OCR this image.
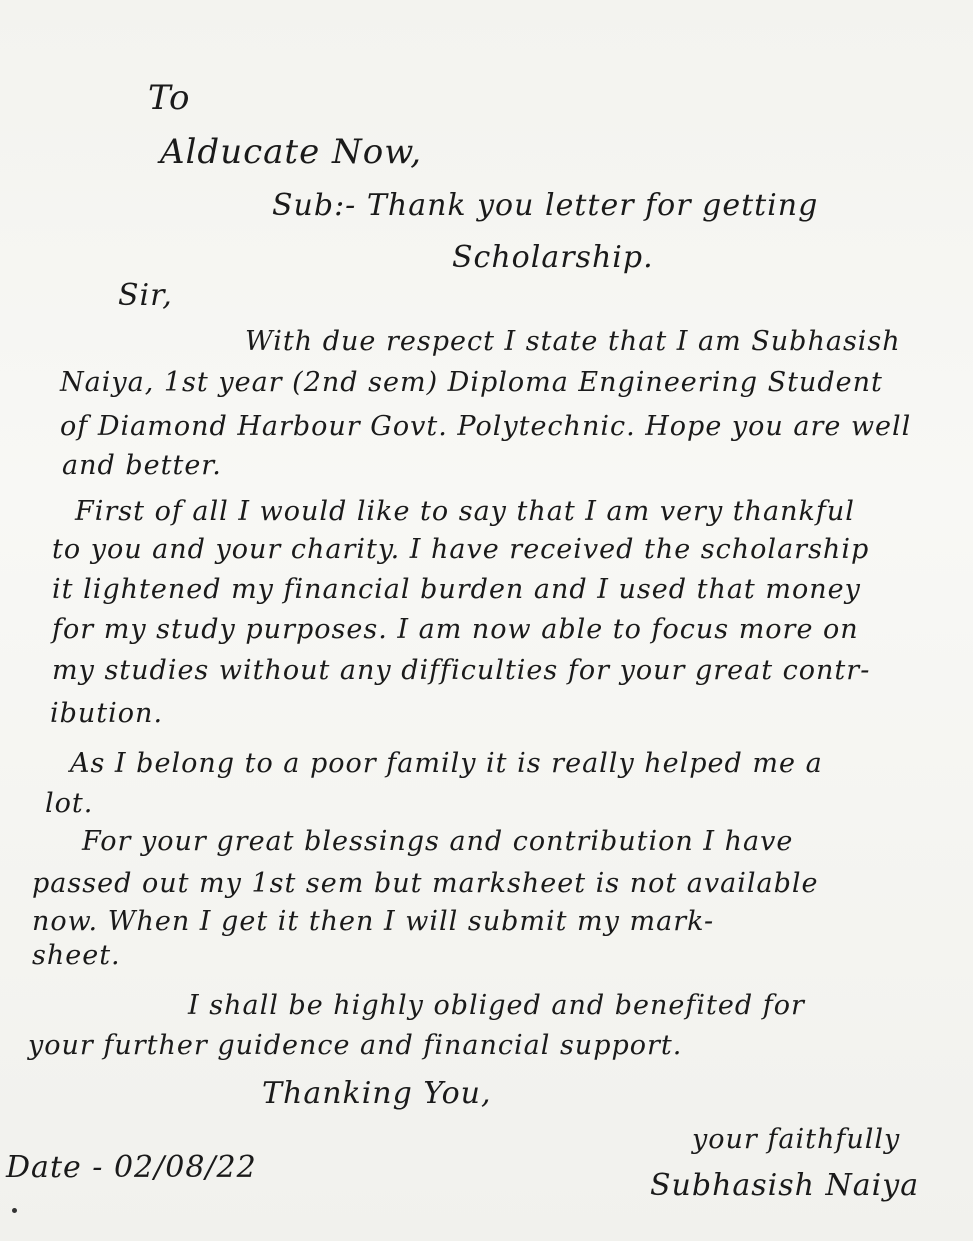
To
Alducate Now,
Sub:- Thank you letter for getting
Scholarship.
Sir,
With due respect I state that I am Subhasish
Naiya, 1st year (2nd sem) Diploma Engineering Student
of Diamond Harbour Govt. Polytechnic. Hope you are well
and better.
First of all I would like to say that I am very thankful
to you and your charity. I have received the scholarship
it lightened my financial burden and I used that money
for my study purposes. I am now able to focus more on
my studies without any difficulties for your great contr-
ibution.
As I belong to a poor family it is really helped me a
lot.
For your great blessings and contribution I have
passed out my 1st sem but marksheet is not available
now. When I get it then I will submit my mark-
sheet.
I shall be highly obliged and benefited for
your further guidence and financial support.
Thanking You,
Date - 02/08/22
your faithfully
Subhasish Naiya
